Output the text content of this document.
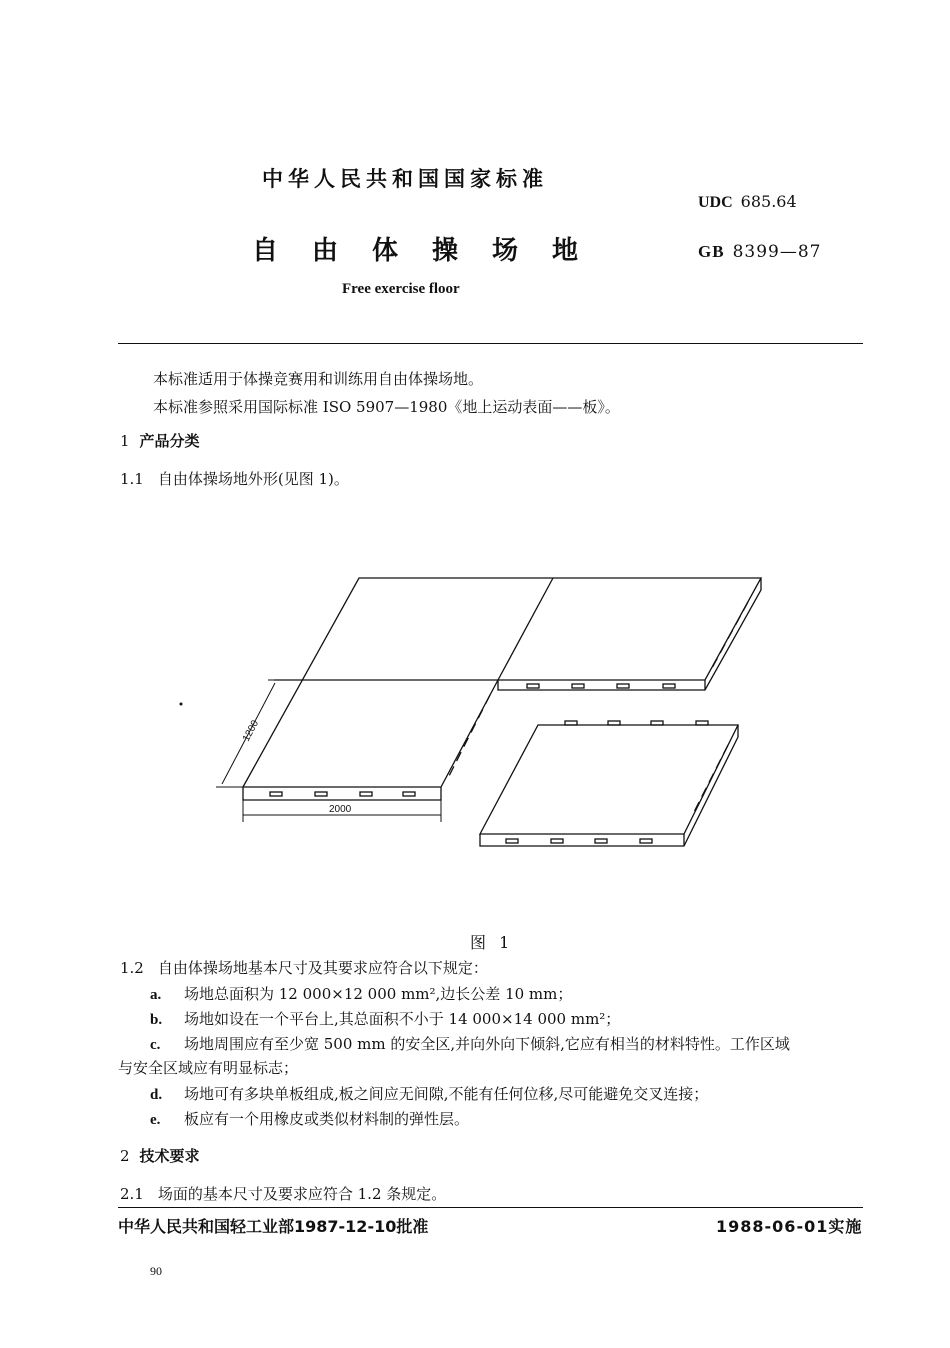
中华人民共和国国家标准
UDC 685.64
自由体操场地	GB 8399—87
Free exercise floor
本标准适用于体操竞赛用和训练用自由体操场地。
本标准参照采用国际标准 ISO 5907—1980《地上运动表面——板》。
1 产品分类
1.1 自由体操场地外形(见图 1)。
1200
2000
图 1
1.2 自由体操场地基本尺寸及其要求应符合以下规定：
a. 场地总面积为 12 000×12 000 mm²,边长公差 10 mm；
b. 场地如设在一个平台上,其总面积不小于 14 000×14 000 mm²；
c. 场地周围应有至少宽 500 mm 的安全区,并向外向下倾斜,它应有相当的材料特性。工作区域
与安全区域应有明显标志；
d. 场地可有多块单板组成,板之间应无间隙,不能有任何位移,尽可能避免交叉连接；
e. 板应有一个用橡皮或类似材料制的弹性层。
2 技术要求
2.1 场面的基本尺寸及要求应符合 1.2 条规定。
中华人民共和国轻工业部1987-12-10批准	1988-06-01实施
90
